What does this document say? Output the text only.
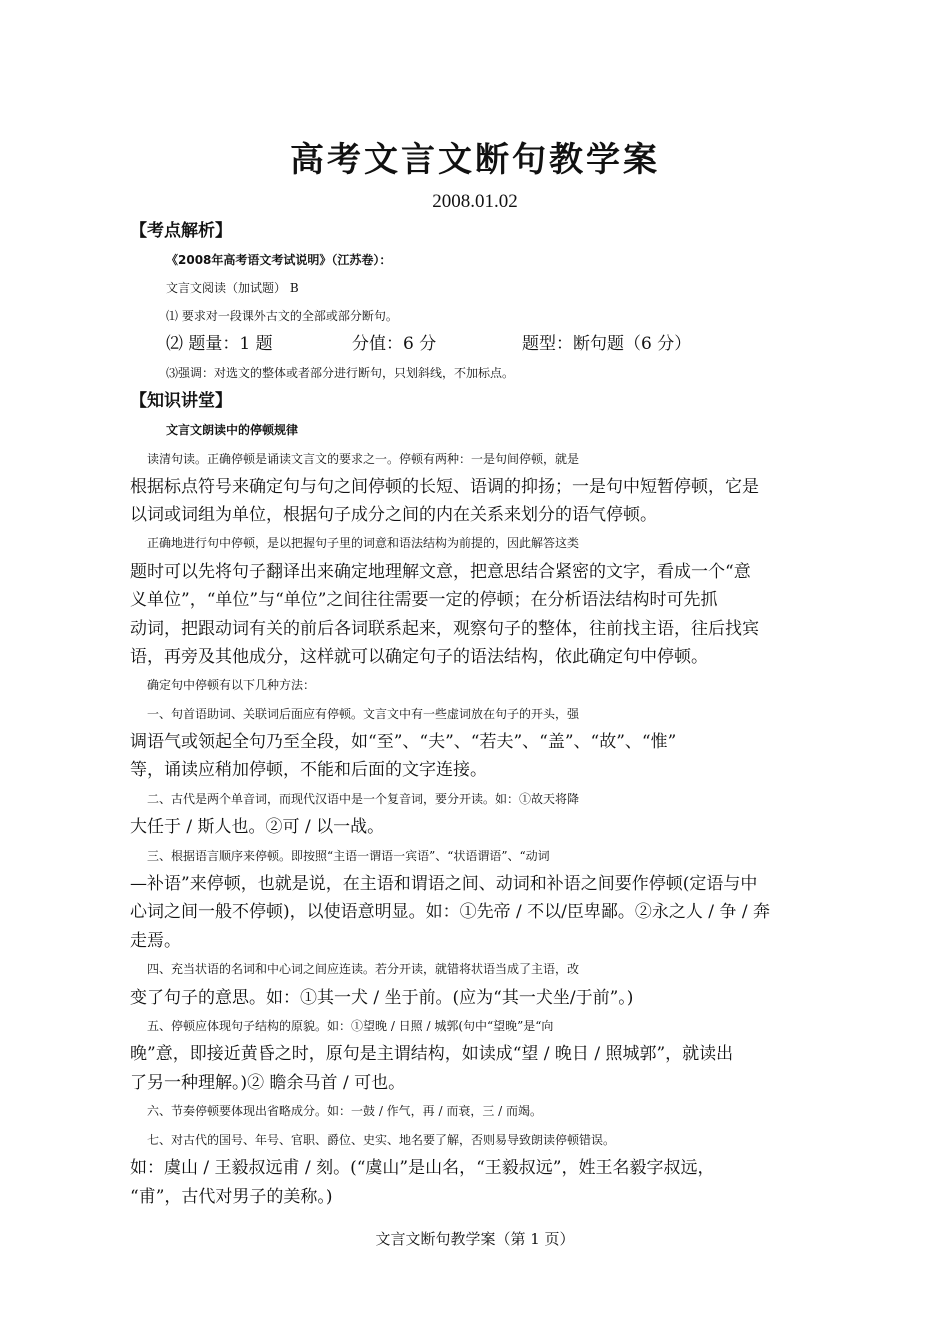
高考文言文断句教学案
2008.01.02
【考点解析】
《2008年高考语文考试说明》（江苏卷）：
文言文阅读（加试题） B
⑴ 要求对一段课外古文的全部或部分断句。
⑵ 题量：1 题	分值：6 分	题型：断句题（6 分）
⑶强调：对选文的整体或者部分进行断句，只划斜线，不加标点。
【知识讲堂】
文言文朗读中的停顿规律
读清句读。正确停顿是诵读文言文的要求之一。停顿有两种：一是句间停顿，就是
根据标点符号来确定句与句之间停顿的长短、语调的抑扬；一是句中短暂停顿，它是
以词或词组为单位，根据句子成分之间的内在关系来划分的语气停顿。
正确地进行句中停顿，是以把握句子里的词意和语法结构为前提的，因此解答这类
题时可以先将句子翻译出来确定地理解文意，把意思结合紧密的文字，看成一个“意
义单位”，“单位”与“单位”之间往往需要一定的停顿；在分析语法结构时可先抓
动词，把跟动词有关的前后各词联系起来，观察句子的整体，往前找主语，往后找宾
语，再旁及其他成分，这样就可以确定句子的语法结构，依此确定句中停顿。
确定句中停顿有以下几种方法：
一、句首语助词、关联词后面应有停顿。文言文中有一些虚词放在句子的开头，强
调语气或领起全句乃至全段，如“至”、“夫”、“若夫”、“盖”、“故”、“惟”
等，诵读应稍加停顿，不能和后面的文字连接。
二、古代是两个单音词，而现代汉语中是一个复音词，要分开读。如：①故天将降
大任于 / 斯人也。②可 / 以一战。
三、根据语言顺序来停顿。即按照“主语一谓语一宾语”、“状语谓语”、“动词
—补语”来停顿，也就是说，在主语和谓语之间、动词和补语之间要作停顿(定语与中
心词之间一般不停顿)，以使语意明显。如：①先帝 / 不以/臣卑鄙。②永之人 / 争 / 奔
走焉。
四、充当状语的名词和中心词之间应连读。若分开读，就错将状语当成了主语，改
变了句子的意思。如：①其一犬 / 坐于前。(应为“其一犬坐/于前”。)
五、停顿应体现句子结构的原貌。如：①望晚 / 日照 / 城郭(句中“望晚”是“向
晚”意，即接近黄昏之时，原句是主谓结构，如读成“望 / 晚日 / 照城郭”，就读出
了另一种理解。)② 瞻余马首 / 可也。
六、节奏停顿要体现出省略成分。如：一鼓 / 作气，再 / 而衰，三 / 而竭。
七、对古代的国号、年号、官职、爵位、史实、地名要了解，否则易导致朗读停顿错误。
如：虞山 / 王毅叔远甫 / 刻。(“虞山”是山名，“王毅叔远”，姓王名毅字叔远，
“甫”，古代对男子的美称。)
文言文断句教学案（第 1 页）
